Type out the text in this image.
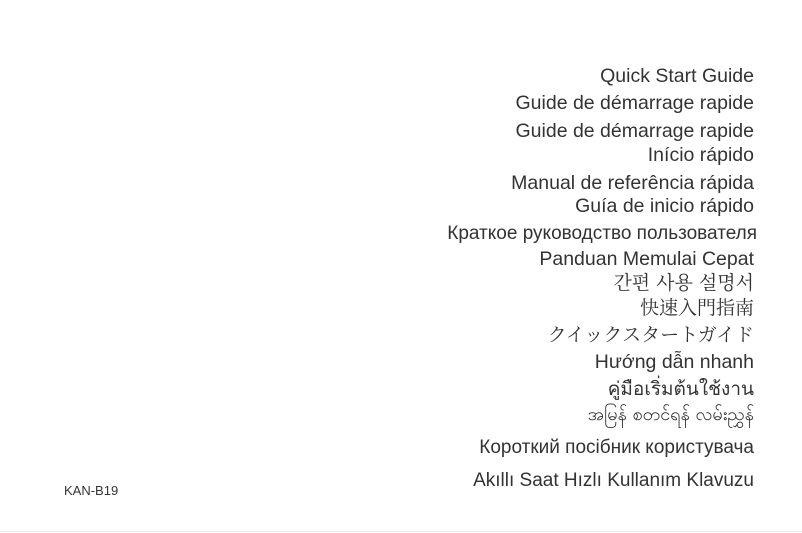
Quick Start Guide
Guide de démarrage rapide
Guide de démarrage rapide
Início rápido
Manual de referência rápida
Guía de inicio rápido
Краткое руководство пользователя
Panduan Memulai Cepat
간편 사용 설명서
快速入門指南
クイックスタートガイド
Hướng dẫn nhanh
คู่มือเริ่มต้นใช้งาน
အမြန် စတင်ရန် လမ်းညွှန်
Короткий посібник користувача
Akıllı Saat Hızlı Kullanım Klavuzu
KAN-B19
